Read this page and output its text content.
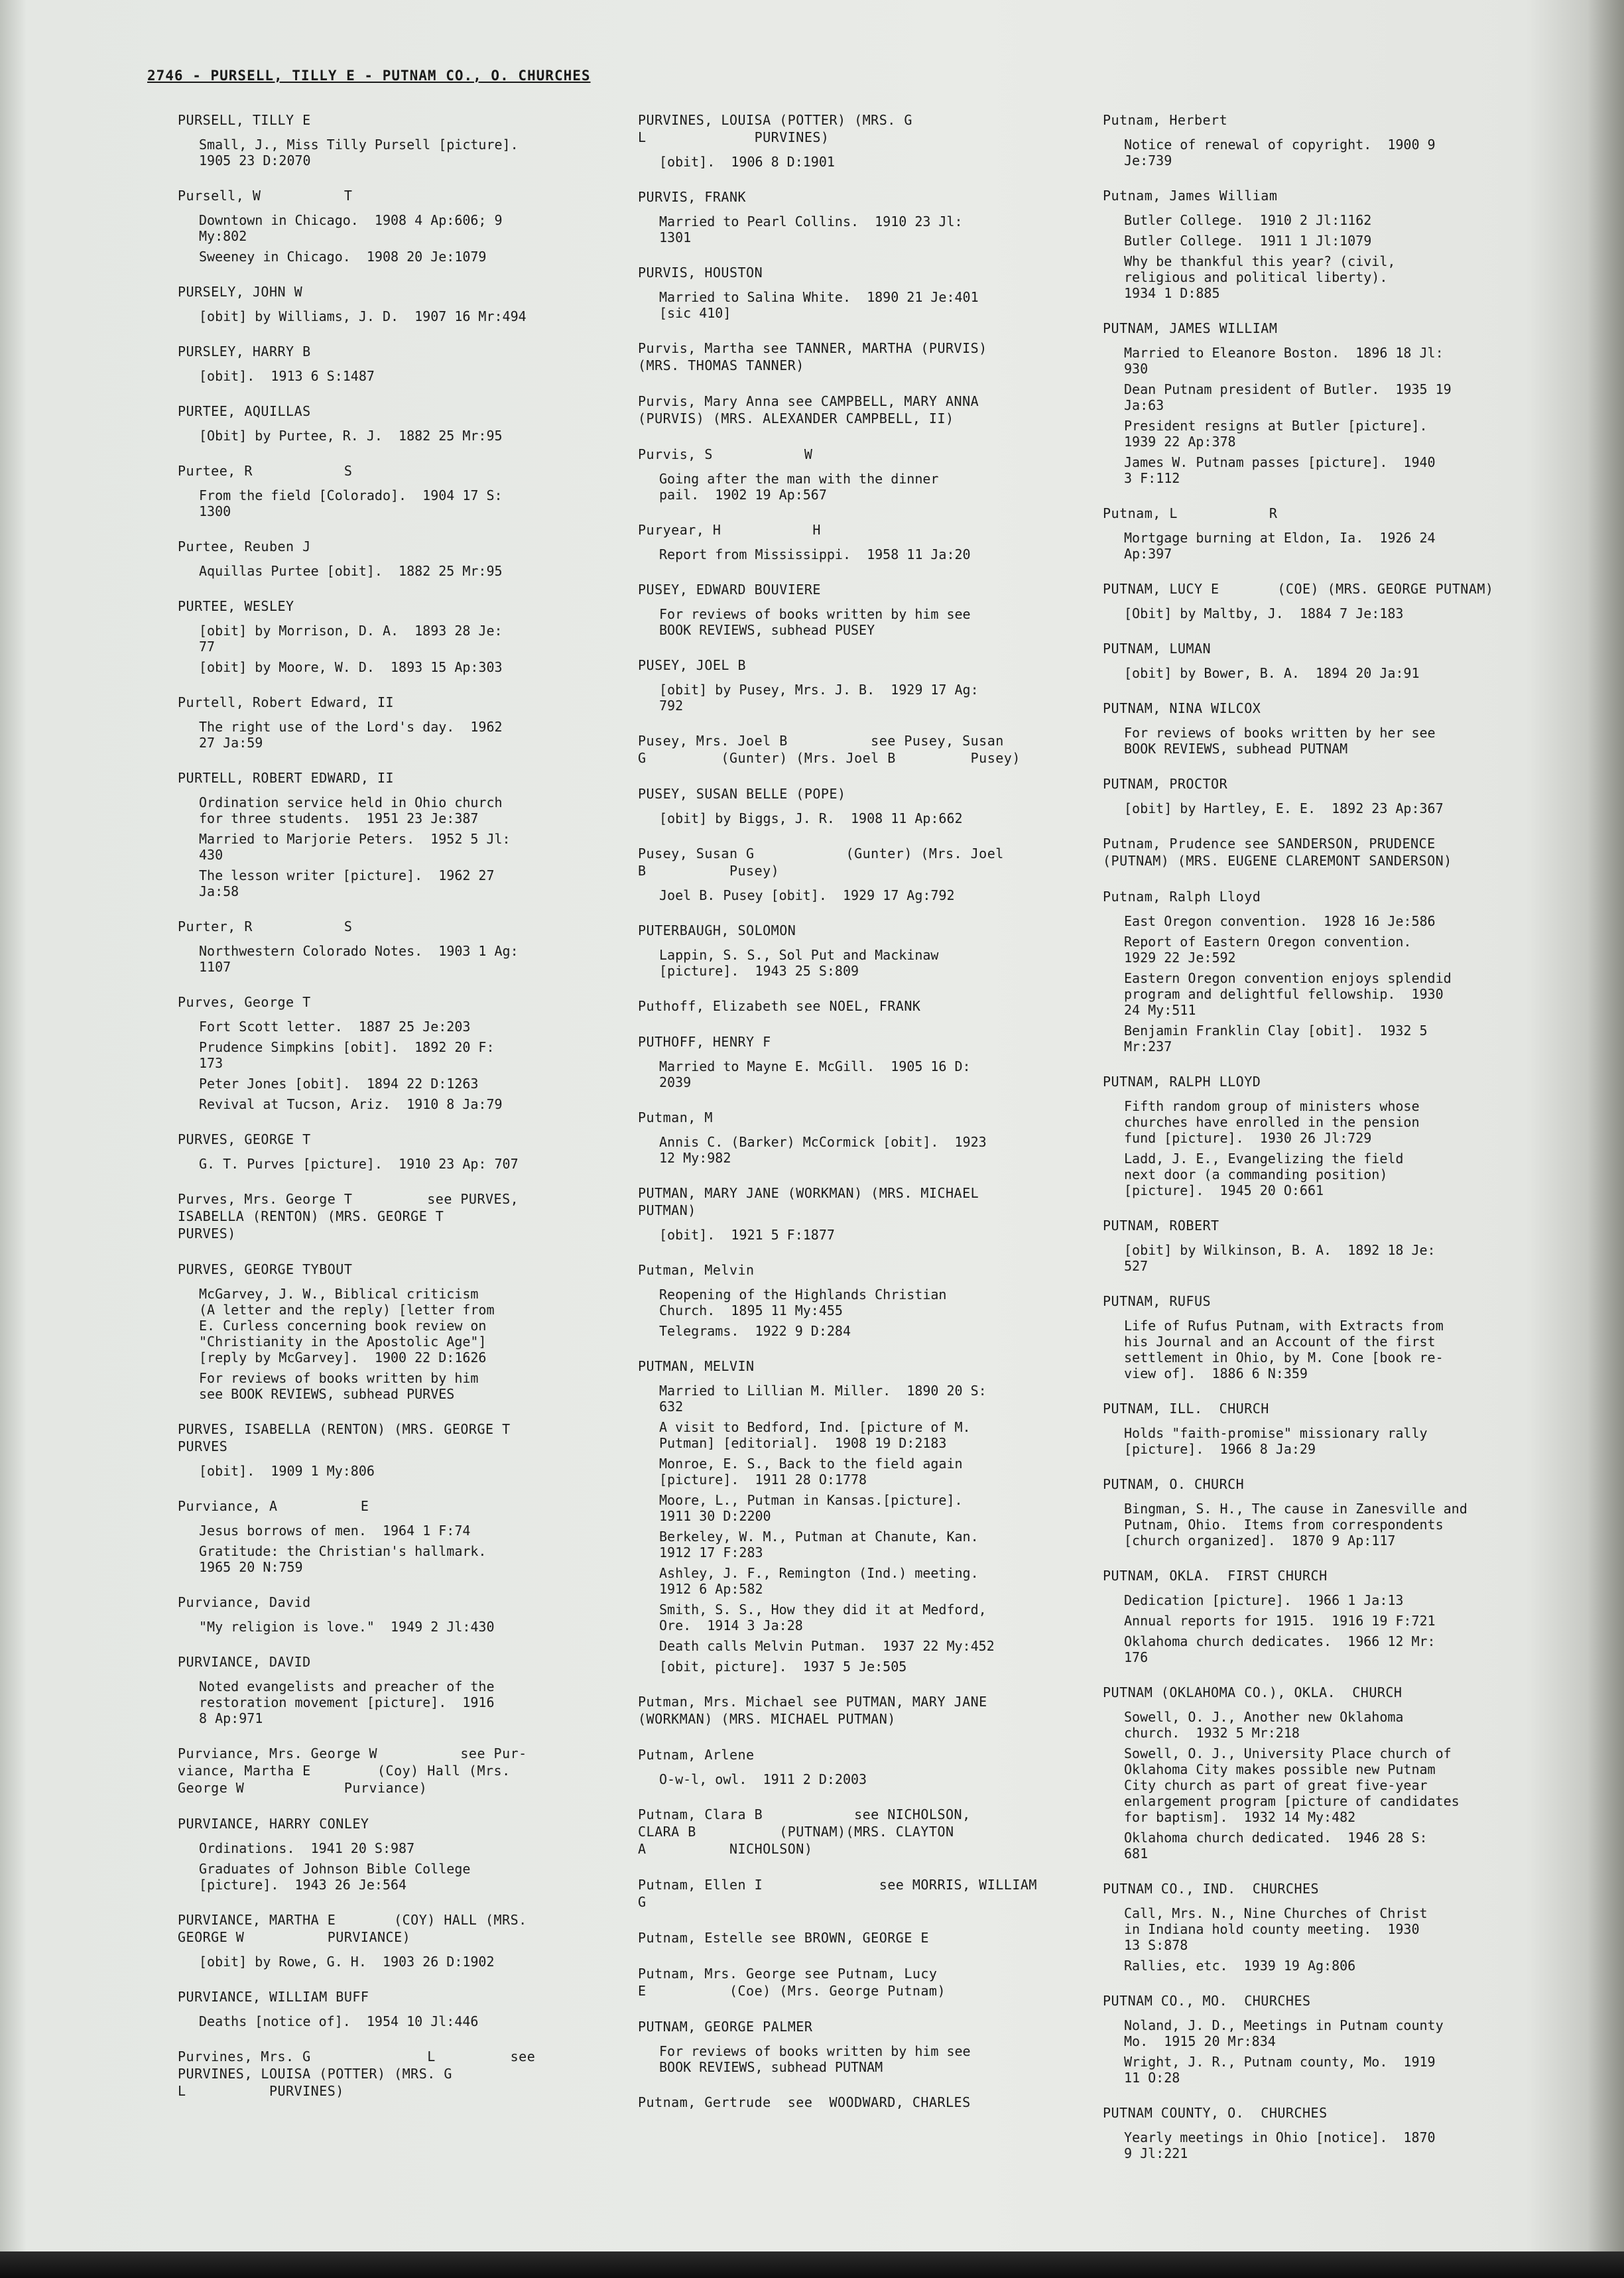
2746 - PURSELL, TILLY E - PUTNAM CO., O. CHURCHES
PURSELL, TILLY E
Small, J., Miss Tilly Pursell [picture].
1905 23 D:2070
Pursell, W          T
Downtown in Chicago.  1908 4 Ap:606; 9
My:802
Sweeney in Chicago.  1908 20 Je:1079
PURSELY, JOHN W
[obit] by Williams, J. D.  1907 16 Mr:494
PURSLEY, HARRY B
[obit].  1913 6 S:1487
PURTEE, AQUILLAS
[Obit] by Purtee, R. J.  1882 25 Mr:95
Purtee, R           S
From the field [Colorado].  1904 17 S:
1300
Purtee, Reuben J
Aquillas Purtee [obit].  1882 25 Mr:95
PURTEE, WESLEY
[obit] by Morrison, D. A.  1893 28 Je:
77
[obit] by Moore, W. D.  1893 15 Ap:303
Purtell, Robert Edward, II
The right use of the Lord's day.  1962
27 Ja:59
PURTELL, ROBERT EDWARD, II
Ordination service held in Ohio church
for three students.  1951 23 Je:387
Married to Marjorie Peters.  1952 5 Jl:
430
The lesson writer [picture].  1962 27
Ja:58
Purter, R           S
Northwestern Colorado Notes.  1903 1 Ag:
1107
Purves, George T
Fort Scott letter.  1887 25 Je:203
Prudence Simpkins [obit].  1892 20 F:
173
Peter Jones [obit].  1894 22 D:1263
Revival at Tucson, Ariz.  1910 8 Ja:79
PURVES, GEORGE T
G. T. Purves [picture].  1910 23 Ap: 707
Purves, Mrs. George T         see PURVES,
ISABELLA (RENTON) (MRS. GEORGE T
PURVES)
PURVES, GEORGE TYBOUT
McGarvey, J. W., Biblical criticism
(A letter and the reply) [letter from
E. Curless concerning book review on
"Christianity in the Apostolic Age"]
[reply by McGarvey].  1900 22 D:1626
For reviews of books written by him
see BOOK REVIEWS, subhead PURVES
PURVES, ISABELLA (RENTON) (MRS. GEORGE T
PURVES
[obit].  1909 1 My:806
Purviance, A          E
Jesus borrows of men.  1964 1 F:74
Gratitude: the Christian's hallmark.
1965 20 N:759
Purviance, David
"My religion is love."  1949 2 Jl:430
PURVIANCE, DAVID
Noted evangelists and preacher of the
restoration movement [picture].  1916
8 Ap:971
Purviance, Mrs. George W          see Pur-
viance, Martha E        (Coy) Hall (Mrs.
George W            Purviance)
PURVIANCE, HARRY CONLEY
Ordinations.  1941 20 S:987
Graduates of Johnson Bible College
[picture].  1943 26 Je:564
PURVIANCE, MARTHA E       (COY) HALL (MRS.
GEORGE W          PURVIANCE)
[obit] by Rowe, G. H.  1903 26 D:1902
PURVIANCE, WILLIAM BUFF
Deaths [notice of].  1954 10 Jl:446
Purvines, Mrs. G              L         see
PURVINES, LOUISA (POTTER) (MRS. G
L          PURVINES)
PURVINES, LOUISA (POTTER) (MRS. G
L             PURVINES)
[obit].  1906 8 D:1901
PURVIS, FRANK
Married to Pearl Collins.  1910 23 Jl:
1301
PURVIS, HOUSTON
Married to Salina White.  1890 21 Je:401
[sic 410]
Purvis, Martha see TANNER, MARTHA (PURVIS)
(MRS. THOMAS TANNER)
Purvis, Mary Anna see CAMPBELL, MARY ANNA
(PURVIS) (MRS. ALEXANDER CAMPBELL, II)
Purvis, S           W
Going after the man with the dinner
pail.  1902 19 Ap:567
Puryear, H           H
Report from Mississippi.  1958 11 Ja:20
PUSEY, EDWARD BOUVIERE
For reviews of books written by him see
BOOK REVIEWS, subhead PUSEY
PUSEY, JOEL B
[obit] by Pusey, Mrs. J. B.  1929 17 Ag:
792
Pusey, Mrs. Joel B          see Pusey, Susan
G         (Gunter) (Mrs. Joel B         Pusey)
PUSEY, SUSAN BELLE (POPE)
[obit] by Biggs, J. R.  1908 11 Ap:662
Pusey, Susan G           (Gunter) (Mrs. Joel
B          Pusey)
Joel B. Pusey [obit].  1929 17 Ag:792
PUTERBAUGH, SOLOMON
Lappin, S. S., Sol Put and Mackinaw
[picture].  1943 25 S:809
Puthoff, Elizabeth see NOEL, FRANK
PUTHOFF, HENRY F
Married to Mayne E. McGill.  1905 16 D:
2039
Putman, M
Annis C. (Barker) McCormick [obit].  1923
12 My:982
PUTMAN, MARY JANE (WORKMAN) (MRS. MICHAEL
PUTMAN)
[obit].  1921 5 F:1877
Putman, Melvin
Reopening of the Highlands Christian
Church.  1895 11 My:455
Telegrams.  1922 9 D:284
PUTMAN, MELVIN
Married to Lillian M. Miller.  1890 20 S:
632
A visit to Bedford, Ind. [picture of M.
Putman] [editorial].  1908 19 D:2183
Monroe, E. S., Back to the field again
[picture].  1911 28 O:1778
Moore, L., Putman in Kansas.[picture].
1911 30 D:2200
Berkeley, W. M., Putman at Chanute, Kan.
1912 17 F:283
Ashley, J. F., Remington (Ind.) meeting.
1912 6 Ap:582
Smith, S. S., How they did it at Medford,
Ore.  1914 3 Ja:28
Death calls Melvin Putman.  1937 22 My:452
[obit, picture].  1937 5 Je:505
Putman, Mrs. Michael see PUTMAN, MARY JANE
(WORKMAN) (MRS. MICHAEL PUTMAN)
Putnam, Arlene
O-w-l, owl.  1911 2 D:2003
Putnam, Clara B           see NICHOLSON,
CLARA B          (PUTNAM)(MRS. CLAYTON
A          NICHOLSON)
Putnam, Ellen I              see MORRIS, WILLIAM
G
Putnam, Estelle see BROWN, GEORGE E
Putnam, Mrs. George see Putnam, Lucy
E          (Coe) (Mrs. George Putnam)
PUTNAM, GEORGE PALMER
For reviews of books written by him see
BOOK REVIEWS, subhead PUTNAM
Putnam, Gertrude  see  WOODWARD, CHARLES
Putnam, Herbert
Notice of renewal of copyright.  1900 9
Je:739
Putnam, James William
Butler College.  1910 2 Jl:1162
Butler College.  1911 1 Jl:1079
Why be thankful this year? (civil,
religious and political liberty).
1934 1 D:885
PUTNAM, JAMES WILLIAM
Married to Eleanore Boston.  1896 18 Jl:
930
Dean Putnam president of Butler.  1935 19
Ja:63
President resigns at Butler [picture].
1939 22 Ap:378
James W. Putnam passes [picture].  1940
3 F:112
Putnam, L           R
Mortgage burning at Eldon, Ia.  1926 24
Ap:397
PUTNAM, LUCY E       (COE) (MRS. GEORGE PUTNAM)
[Obit] by Maltby, J.  1884 7 Je:183
PUTNAM, LUMAN
[obit] by Bower, B. A.  1894 20 Ja:91
PUTNAM, NINA WILCOX
For reviews of books written by her see
BOOK REVIEWS, subhead PUTNAM
PUTNAM, PROCTOR
[obit] by Hartley, E. E.  1892 23 Ap:367
Putnam, Prudence see SANDERSON, PRUDENCE
(PUTNAM) (MRS. EUGENE CLAREMONT SANDERSON)
Putnam, Ralph Lloyd
East Oregon convention.  1928 16 Je:586
Report of Eastern Oregon convention.
1929 22 Je:592
Eastern Oregon convention enjoys splendid
program and delightful fellowship.  1930
24 My:511
Benjamin Franklin Clay [obit].  1932 5
Mr:237
PUTNAM, RALPH LLOYD
Fifth random group of ministers whose
churches have enrolled in the pension
fund [picture].  1930 26 Jl:729
Ladd, J. E., Evangelizing the field
next door (a commanding position)
[picture].  1945 20 O:661
PUTNAM, ROBERT
[obit] by Wilkinson, B. A.  1892 18 Je:
527
PUTNAM, RUFUS
Life of Rufus Putnam, with Extracts from
his Journal and an Account of the first
settlement in Ohio, by M. Cone [book re-
view of].  1886 6 N:359
PUTNAM, ILL.  CHURCH
Holds "faith-promise" missionary rally
[picture].  1966 8 Ja:29
PUTNAM, O. CHURCH
Bingman, S. H., The cause in Zanesville and
Putnam, Ohio.  Items from correspondents
[church organized].  1870 9 Ap:117
PUTNAM, OKLA.  FIRST CHURCH
Dedication [picture].  1966 1 Ja:13
Annual reports for 1915.  1916 19 F:721
Oklahoma church dedicates.  1966 12 Mr:
176
PUTNAM (OKLAHOMA CO.), OKLA.  CHURCH
Sowell, O. J., Another new Oklahoma
church.  1932 5 Mr:218
Sowell, O. J., University Place church of
Oklahoma City makes possible new Putnam
City church as part of great five-year
enlargement program [picture of candidates
for baptism].  1932 14 My:482
Oklahoma church dedicated.  1946 28 S:
681
PUTNAM CO., IND.  CHURCHES
Call, Mrs. N., Nine Churches of Christ
in Indiana hold county meeting.  1930
13 S:878
Rallies, etc.  1939 19 Ag:806
PUTNAM CO., MO.  CHURCHES
Noland, J. D., Meetings in Putnam county
Mo.  1915 20 Mr:834
Wright, J. R., Putnam county, Mo.  1919
11 O:28
PUTNAM COUNTY, O.  CHURCHES
Yearly meetings in Ohio [notice].  1870
9 Jl:221
